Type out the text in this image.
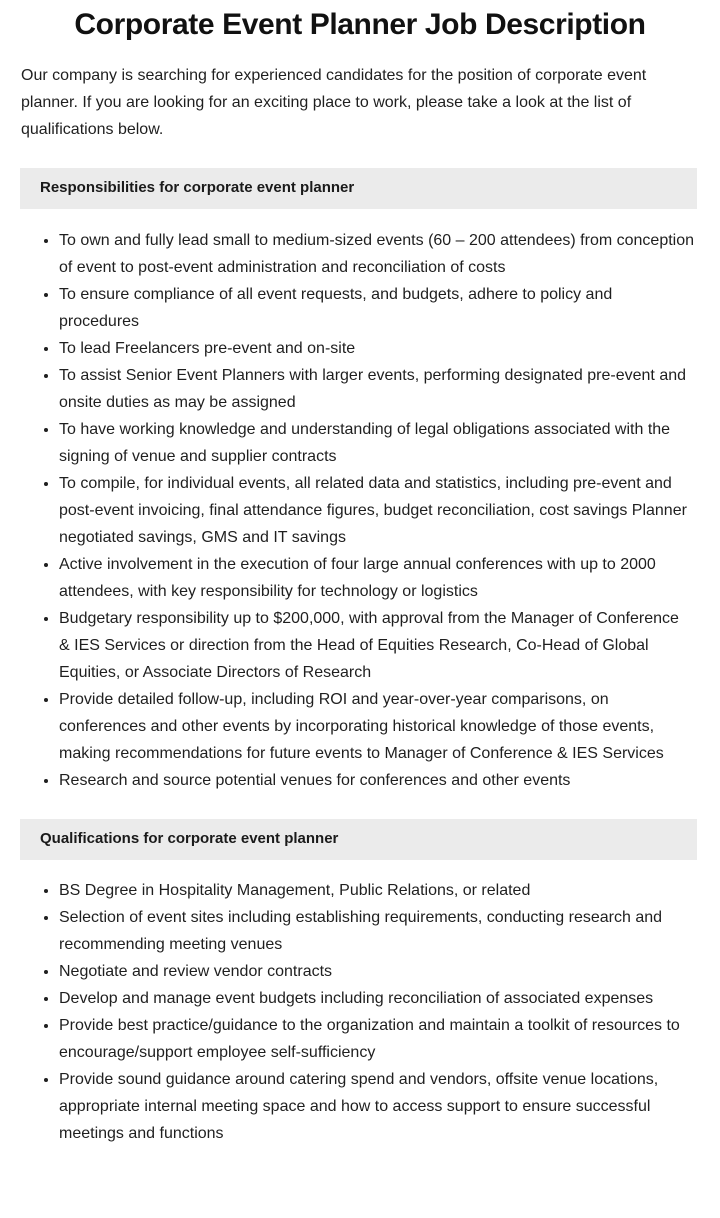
Corporate Event Planner Job Description

Our company is searching for experienced candidates for the position of corporate event planner. If you are looking for an exciting place to work, please take a look at the list of qualifications below.

Responsibilities for corporate event planner
To own and fully lead small to medium-sized events (60 – 200 attendees) from conception of event to post-event administration and reconciliation of costs
To ensure compliance of all event requests, and budgets, adhere to policy and procedures
To lead Freelancers pre-event and on-site
To assist Senior Event Planners with larger events, performing designated pre-event and onsite duties as may be assigned
To have working knowledge and understanding of legal obligations associated with the signing of venue and supplier contracts
To compile, for individual events, all related data and statistics, including pre-event and post-event invoicing, final attendance figures, budget reconciliation, cost savings Planner negotiated savings, GMS and IT savings
Active involvement in the execution of four large annual conferences with up to 2000 attendees, with key responsibility for technology or logistics
Budgetary responsibility up to $200,000, with approval from the Manager of Conference & IES Services or direction from the Head of Equities Research, Co-Head of Global Equities, or Associate Directors of Research
Provide detailed follow-up, including ROI and year-over-year comparisons, on conferences and other events by incorporating historical knowledge of those events, making recommendations for future events to Manager of Conference & IES Services
Research and source potential venues for conferences and other events
Qualifications for corporate event planner
BS Degree in Hospitality Management, Public Relations, or related
Selection of event sites including establishing requirements, conducting research and recommending meeting venues
Negotiate and review vendor contracts
Develop and manage event budgets including reconciliation of associated expenses
Provide best practice/guidance to the organization and maintain a toolkit of resources to encourage/support employee self-sufficiency
Provide sound guidance around catering spend and vendors, offsite venue locations, appropriate internal meeting space and how to access support to ensure successful meetings and functions
